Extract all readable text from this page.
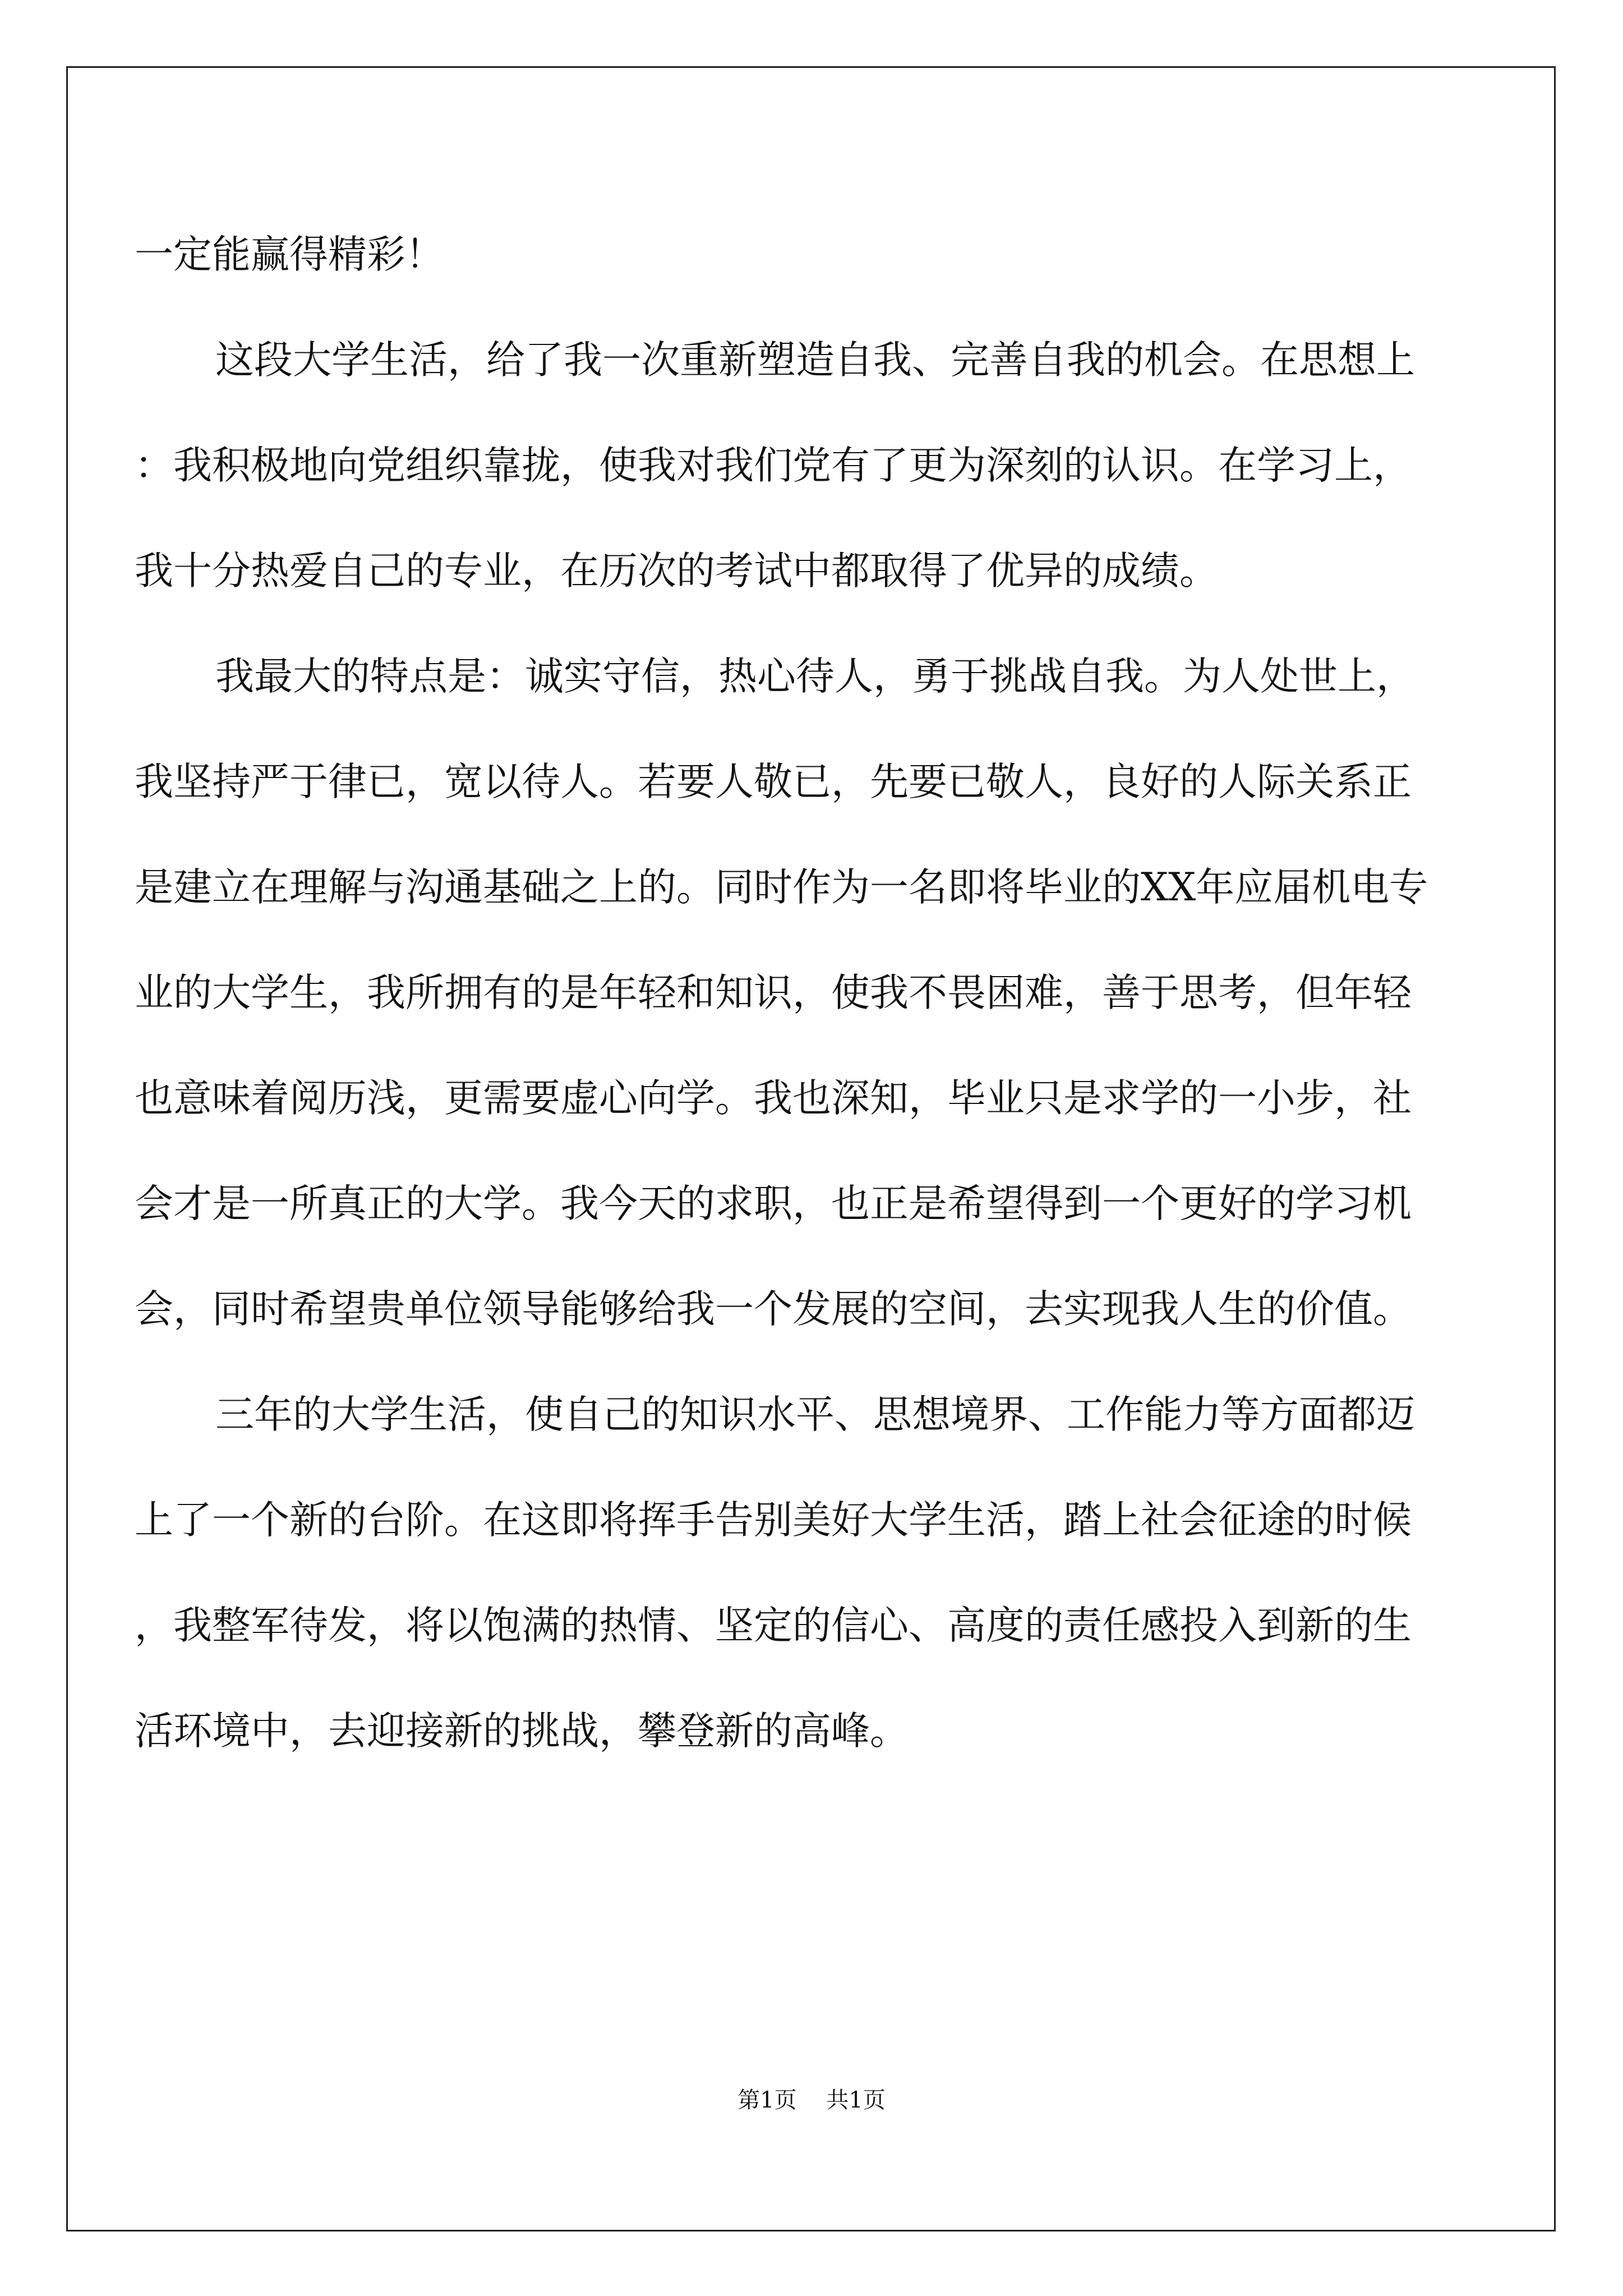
一定能赢得精彩！

这段大学生活，给了我一次重新塑造自我、完善自我的机会。在思想上：我积极地向党组织靠拢，使我对我们党有了更为深刻的认识。在学习上，我十分热爱自己的专业，在历次的考试中都取得了优异的成绩。

我最大的特点是：诚实守信，热心待人，勇于挑战自我。为人处世上，我坚持严于律已，宽以待人。若要人敬已，先要已敬人，良好的人际关系正是建立在理解与沟通基础之上的。同时作为一名即将毕业的XX年应届机电专业的大学生，我所拥有的是年轻和知识，使我不畏困难，善于思考，但年轻也意味着阅历浅，更需要虚心向学。我也深知，毕业只是求学的一小步，社会才是一所真正的大学。我今天的求职，也正是希望得到一个更好的学习机会，同时希望贵单位领导能够给我一个发展的空间，去实现我人生的价值。

三年的大学生活，使自己的知识水平、思想境界、工作能力等方面都迈上了一个新的台阶。在这即将挥手告别美好大学生活，踏上社会征途的时候，我整军待发，将以饱满的热情、坚定的信心、高度的责任感投入到新的生活环境中，去迎接新的挑战，攀登新的高峰。

第1页 共1页
